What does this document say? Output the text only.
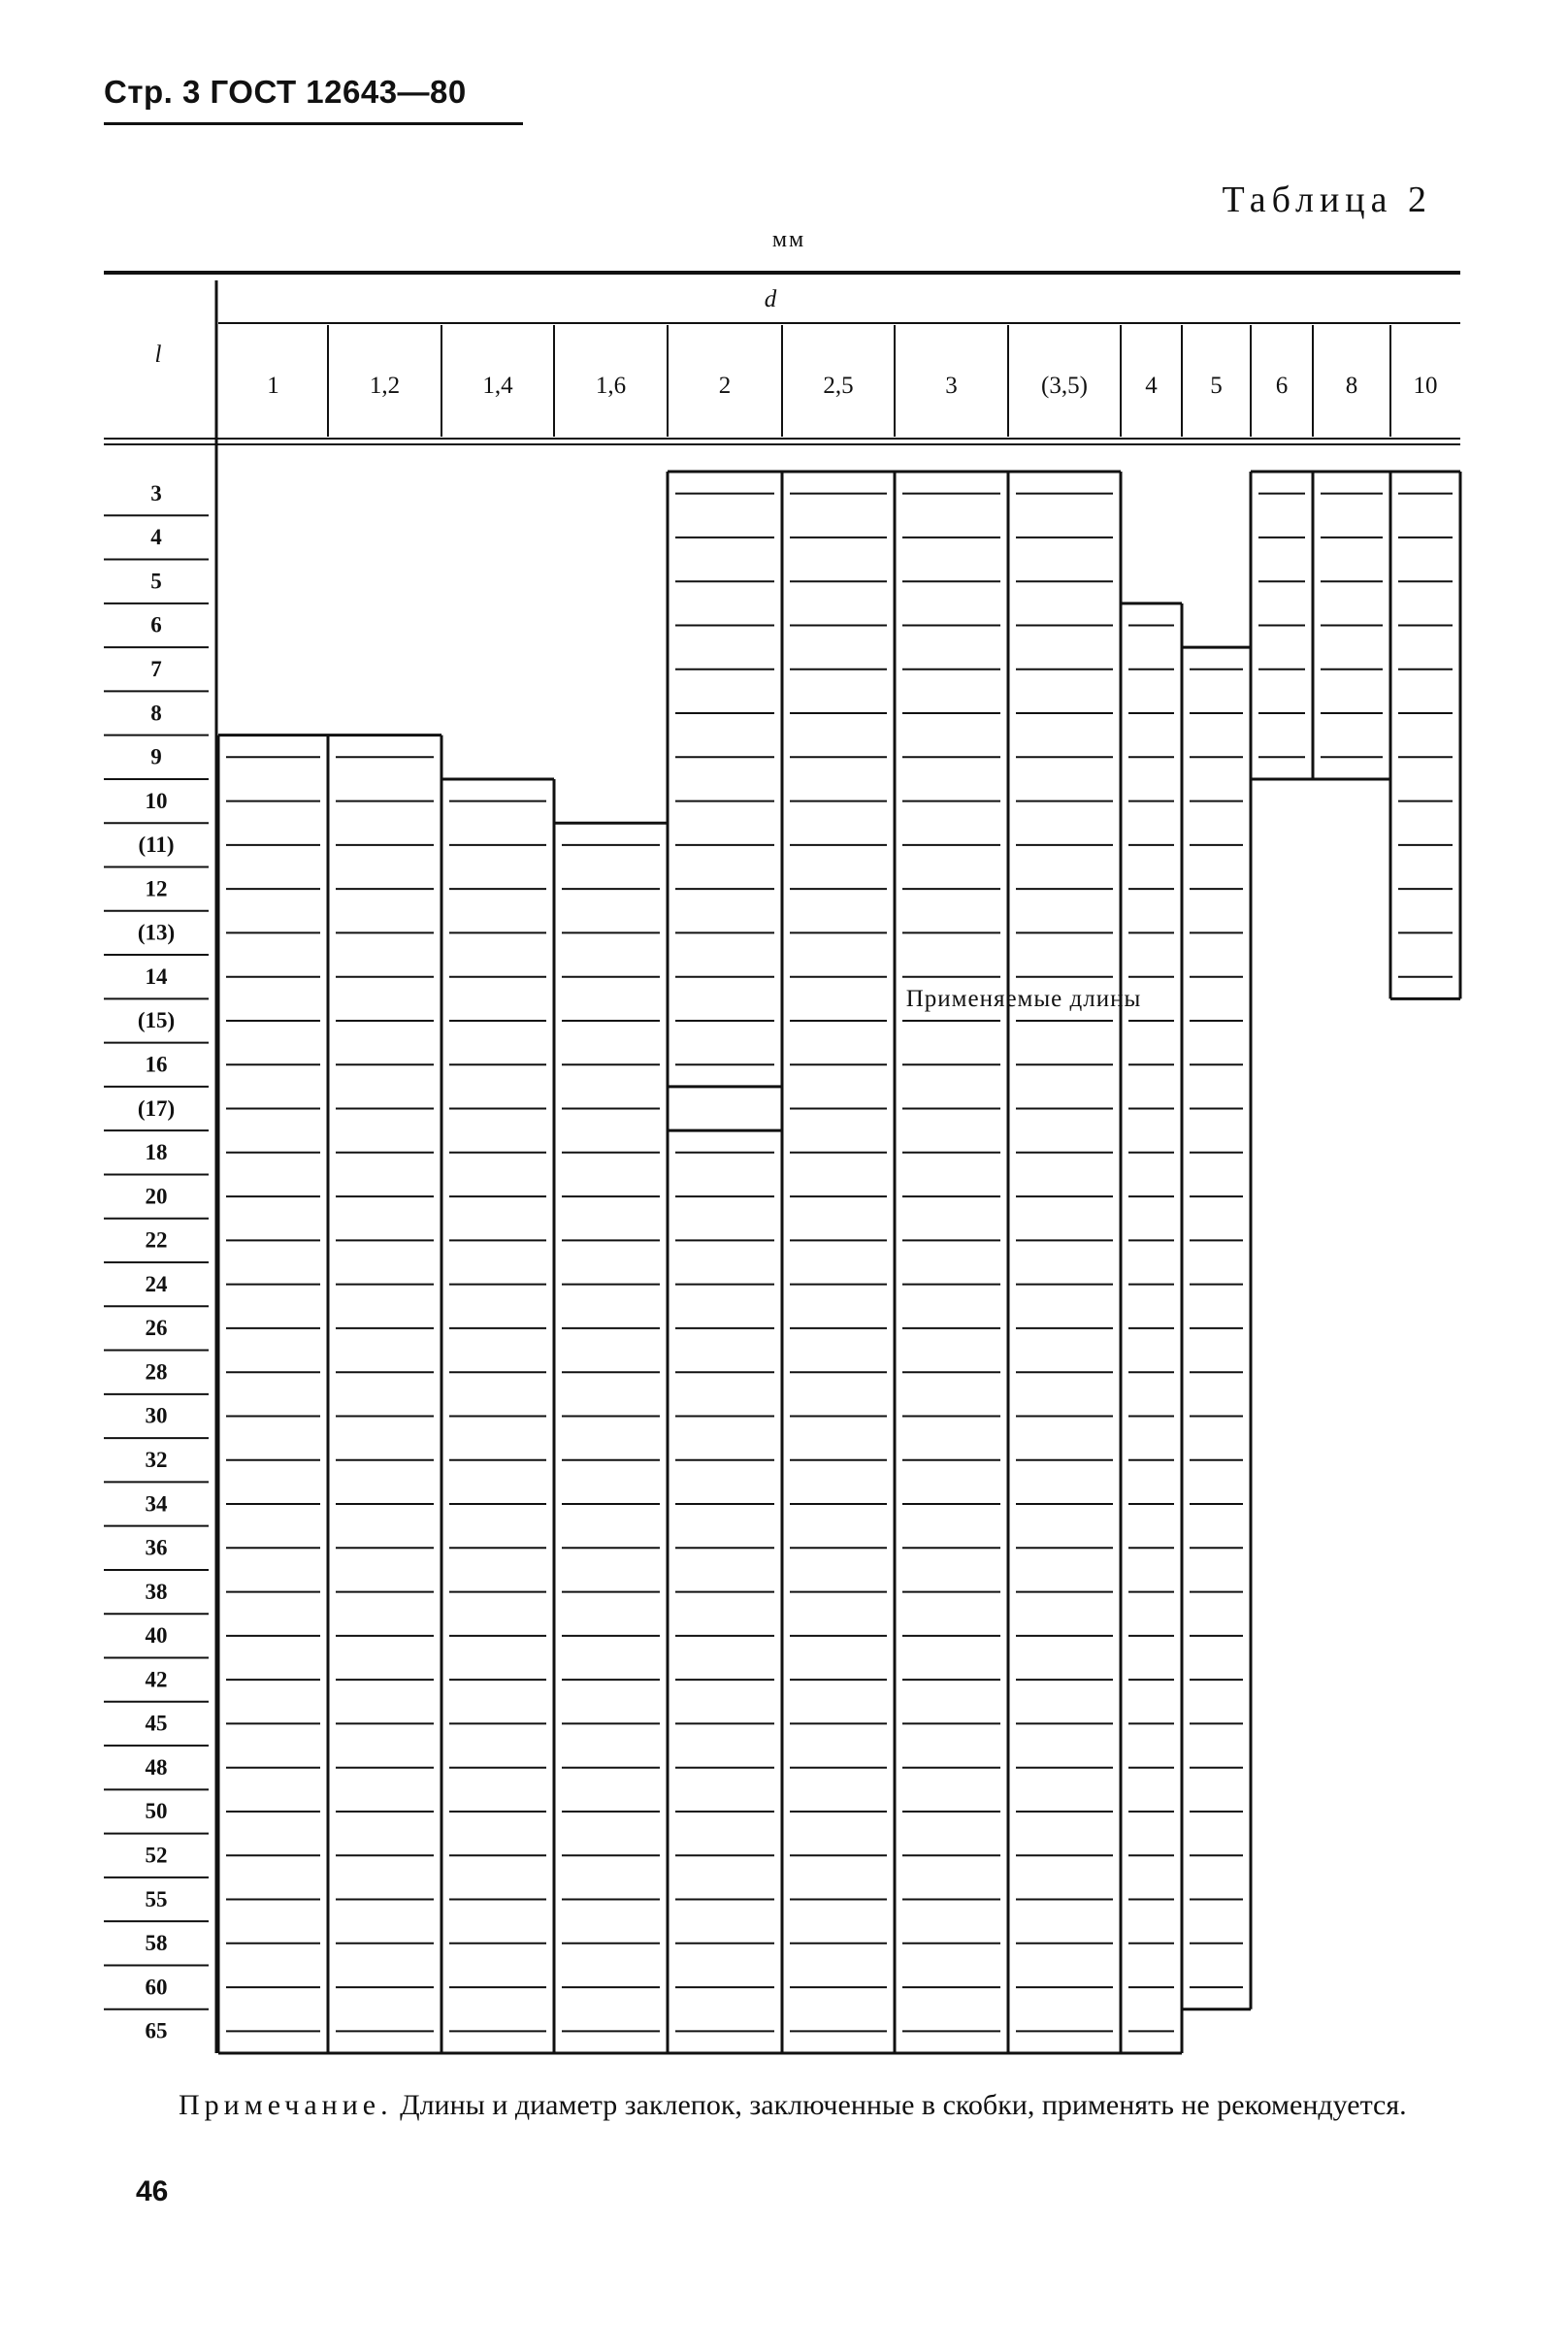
Стр. 3 ГОСТ 12643—80
Таблица 2
мм
l
d
Применяемые длины
1	1,2	1,4	1,6	2	2,5	3	(3,5) 4 5 6 8 10
3
4
5
6
7
8
9
10
(11)
12
(13)
14
(15)
16
(17)
18
20
22
24
26
28
30
32
34
36
38
40
42
45
48
50
52
55
58
60
65
Примечание. Длины и диаметр заклепок, заключенные в скобки, применять не рекомендуется.
46
